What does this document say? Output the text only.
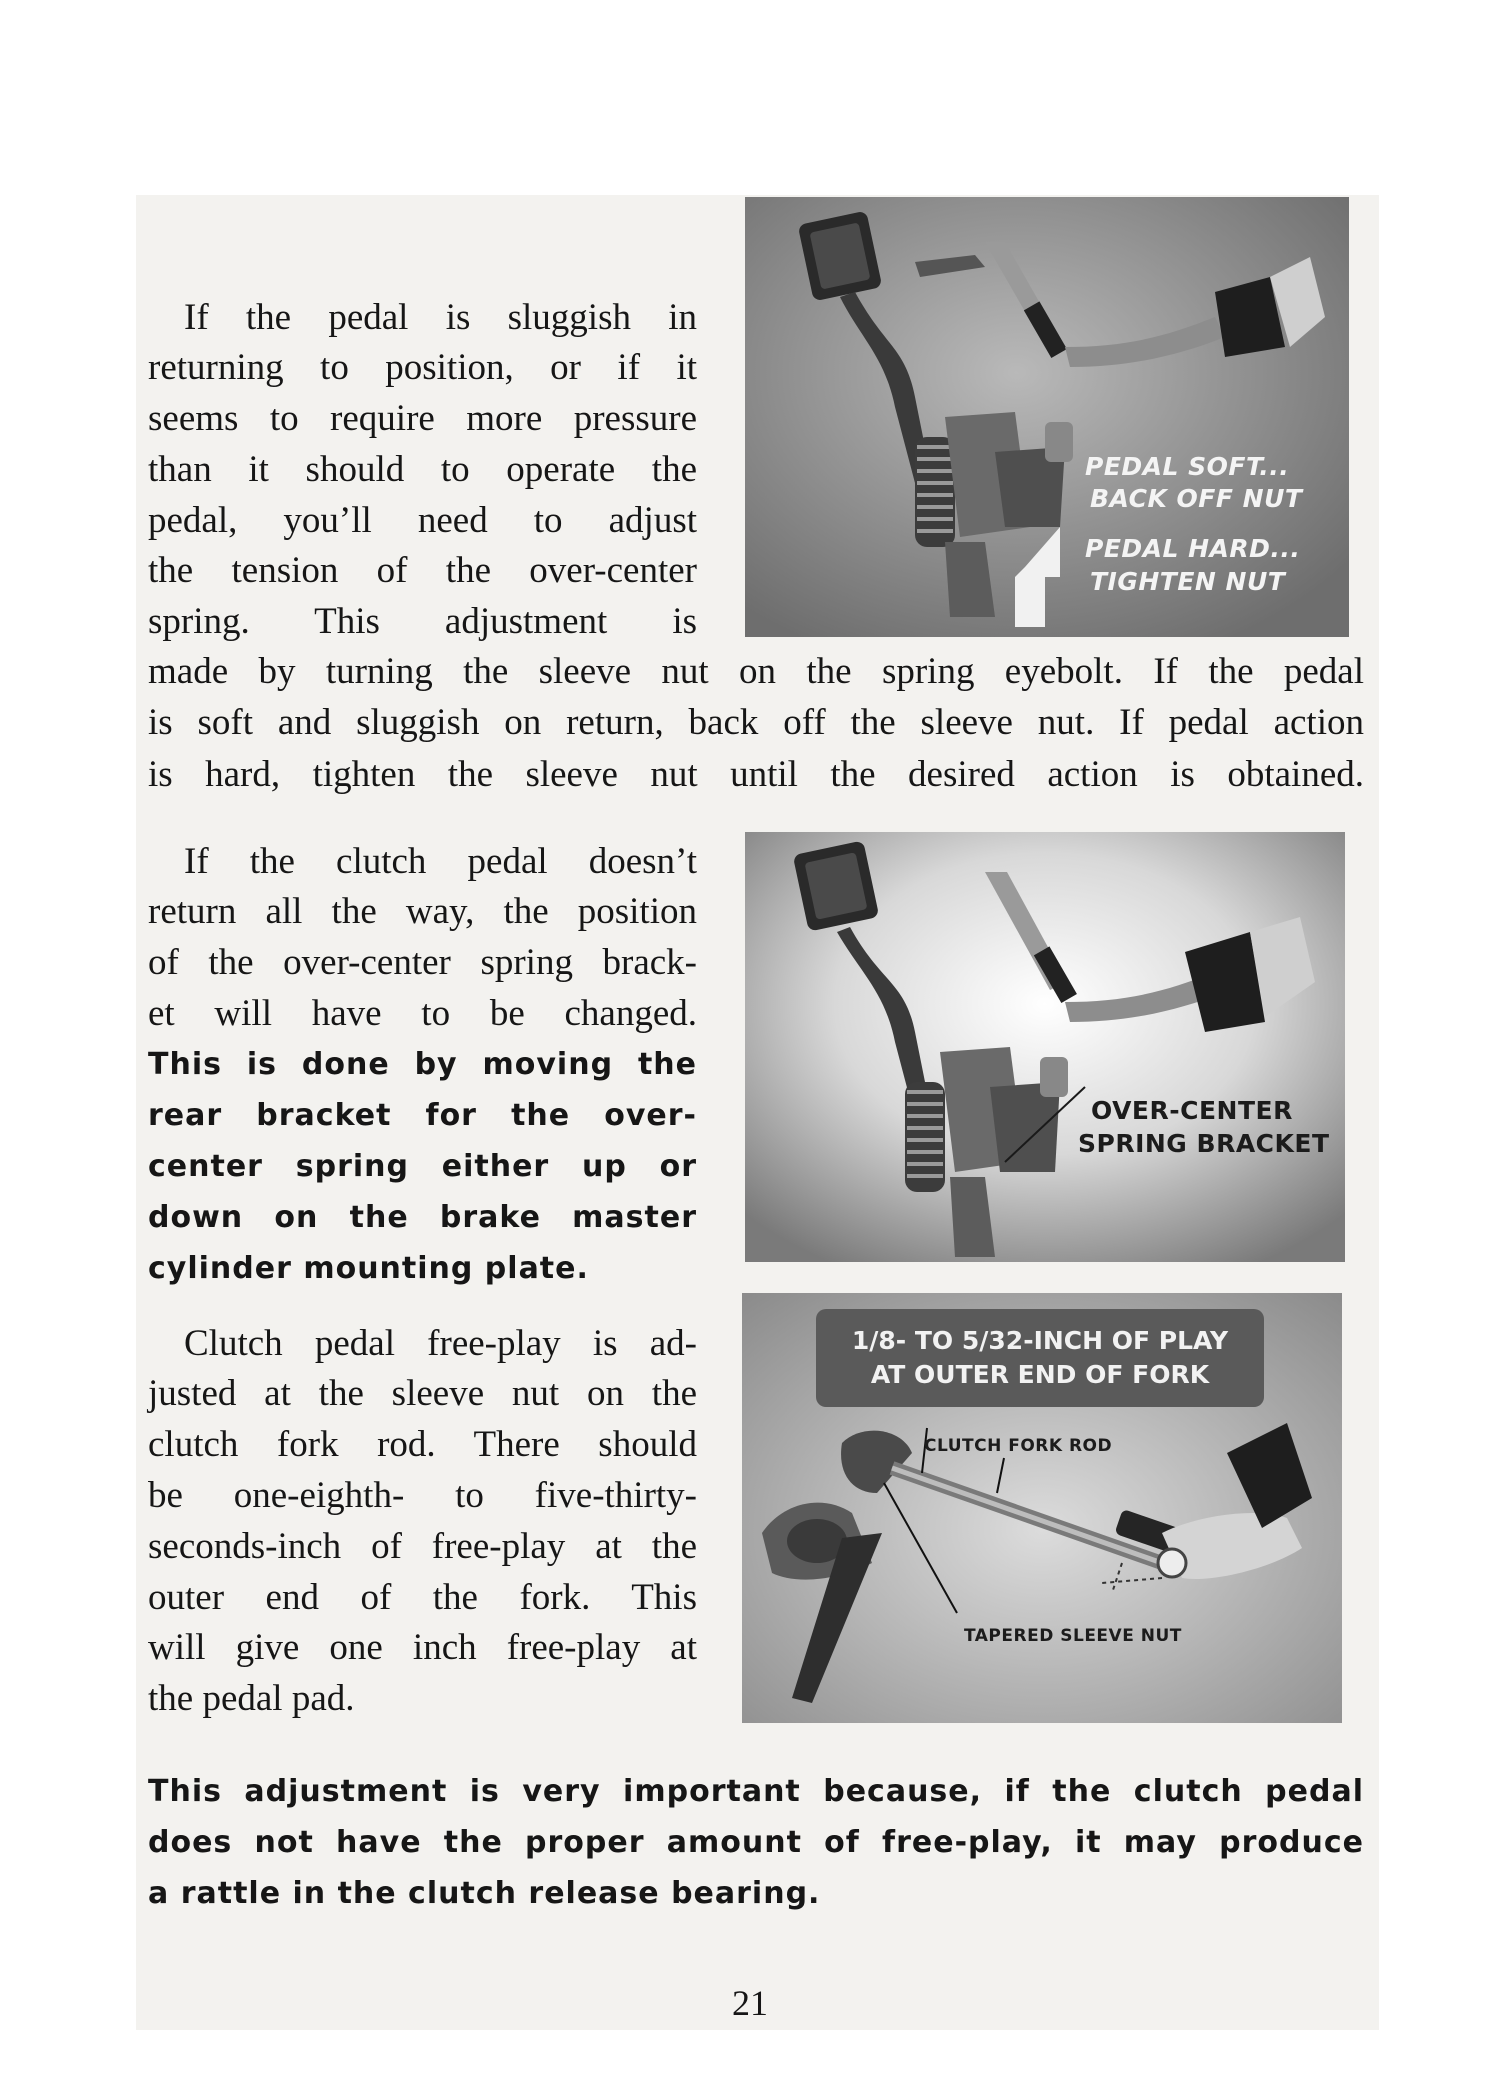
If the pedal is sluggish in
returning to position, or if it
seems to require more pressure
than it should to operate the
pedal, you’ll need to adjust
the tension of the over-center
spring. This adjustment is
made by turning the sleeve nut on the spring eyebolt. If the pedal
is soft and sluggish on return, back off the sleeve nut. If pedal action
is hard, tighten the sleeve nut until the desired action is obtained.
PEDAL SOFT...
BACK OFF NUT
PEDAL HARD...
TIGHTEN NUT
If the clutch pedal doesn’t
return all the way, the position
of the over-center spring brack-
et will have to be changed.
This is done by moving the
rear bracket for the over-
center spring either up or
down on the brake master
cylinder mounting plate.
OVER-CENTER
SPRING BRACKET
Clutch pedal free-play is ad-
justed at the sleeve nut on the
clutch fork rod. There should
be one-eighth- to five-thirty-
seconds-inch of free-play at the
outer end of the fork. This
will give one inch free-play at
the pedal pad.
1/8- TO 5/32-INCH OF PLAY
AT OUTER END OF FORK
CLUTCH FORK ROD
TAPERED SLEEVE NUT
This adjustment is very important because, if the clutch pedal
does not have the proper amount of free-play, it may produce
a rattle in the clutch release bearing.
21
